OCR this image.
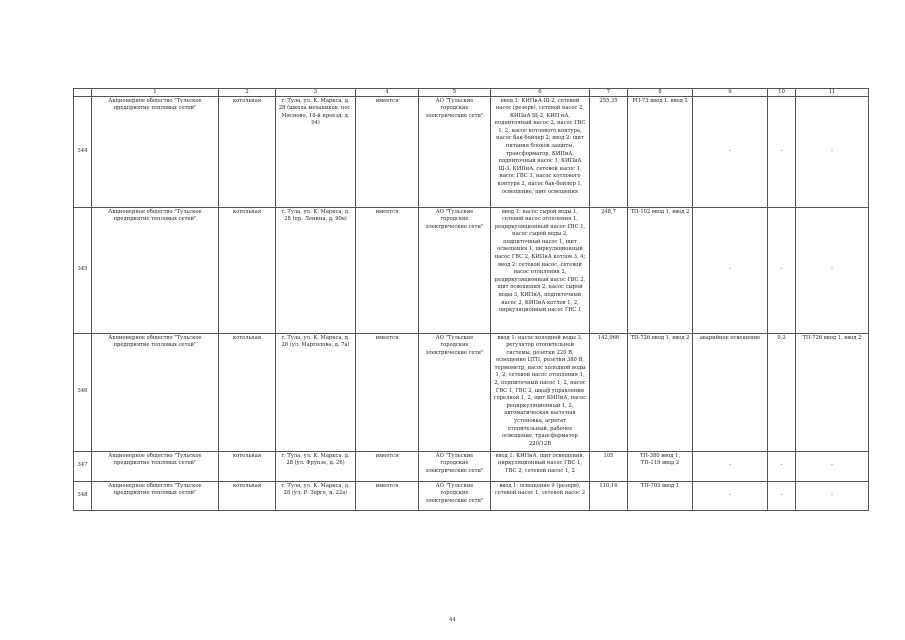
	1	2	3	4	5	6	7	8	9	10	11
344	Акционерное общество "Тульское предприятие тепловых сетей"	котельная	г. Тула, ул. К. Маркса, д. 28 (школа механиков, пос. Мясново, 18-й проезд, д. 94)	имеется	АО "Тульские городские электрические сети"	ввод 1: КИПиА-Щ-2, сетевой насос (резерв), сетевой насос 2, КИПиА Щ-2, КИП нА, подпиточный насос 2, насос ГВС 1, 2, насос котлового контура, насос бак-бойлер 2; ввод 2: щит питания блоков защиты, трансформатор, КИПиА, подпиточный насос 1, КИПиА Щ-3, КИПиА, сетевой насос 1, насос ГВС 3, насос котлового контура 2, насос бак-бойлер 1, освещение, щит освещения	255,35	РП-73 ввод 1, ввод 2	-	-	-
345	Акционерное общество "Тульское предприятие тепловых сетей"	котельная	г. Тула, ул. К. Маркса, д. 28 (пр. Ленина, д. 90в)	имеется	АО "Тульские городские электрические сети"	ввод 1: насос сырой воды 1, сетевой насос отопления 1, рециркуляционный насос ГВС 1, насос сырой воды 2, подпиточный насос 1, щит освещения 1, циркуляционный насос ГВС 2, КИПиА котлов 3, 4; ввод 2: сетевой насос, сетевой насос отопления 2, рециркуляционный насос ГВС 2, щит освещения 2, насос сырой воды 3, КИПиА, подпиточный насос 2, КИПиА котлов 1, 2, циркуляционный насос ГВС 1	248,7	ТП-102 ввод 1, ввод 2	-	-	-
346	Акционерное общество "Тульское предприятие тепловых сетей"	котельная	г. Тула, ул. К. Маркса, д. 28 (ул. Марголова, д. 7а)	имеется	АО "Тульские городские электрические сети"	ввод 1: насос холодной воды 3, регулятор отопительной системы, розетки 220 В, освещение ЦТП, розетки 380 В, термометр, насос холодной воды 1, 2, сетевой насос отопления 1, 2, подпиточный насос 1, 2, насос ГВС 1, ГВС 2, шкаф управления горелкой 1, 2, щит КИПиА, насос рециркуляционный 1, 2, автоматическая насосная установка, агрегат отопительный, рабочее освещение, трансформатор 220/12В	142,066	ТП-726 ввод 1, ввод 2	аварийное освещение	0,2	ТП-726 ввод 1, ввод 2
347	Акционерное общество "Тульское предприятие тепловых сетей"	котельная	г. Тула, ул. К. Маркса, д. 28 (ул. Фрунзе, д. 26)	имеется	АО "Тульские городские электрические сети"	ввод 1: КИПиА, щит освещения, циркуляционный насос ГВС 1, ГВС 2, сетевой насос 1, 2	105	ТП-380 ввод 1, ТП-119 ввод 2	-	-	-
348	Акционерное общество "Тульское предприятие тепловых сетей"	котельная	г. Тула, ул. К. Маркса, д. 28 (ул. Р. Зорге, д. 22а)	имеется	АО "Тульские городские электрические сети"	ввод 1: освещение 9 (резерв), сетевой насос 1, сетевой насос 2	110,16	ТП-705 ввод 1	-	-	-
44
